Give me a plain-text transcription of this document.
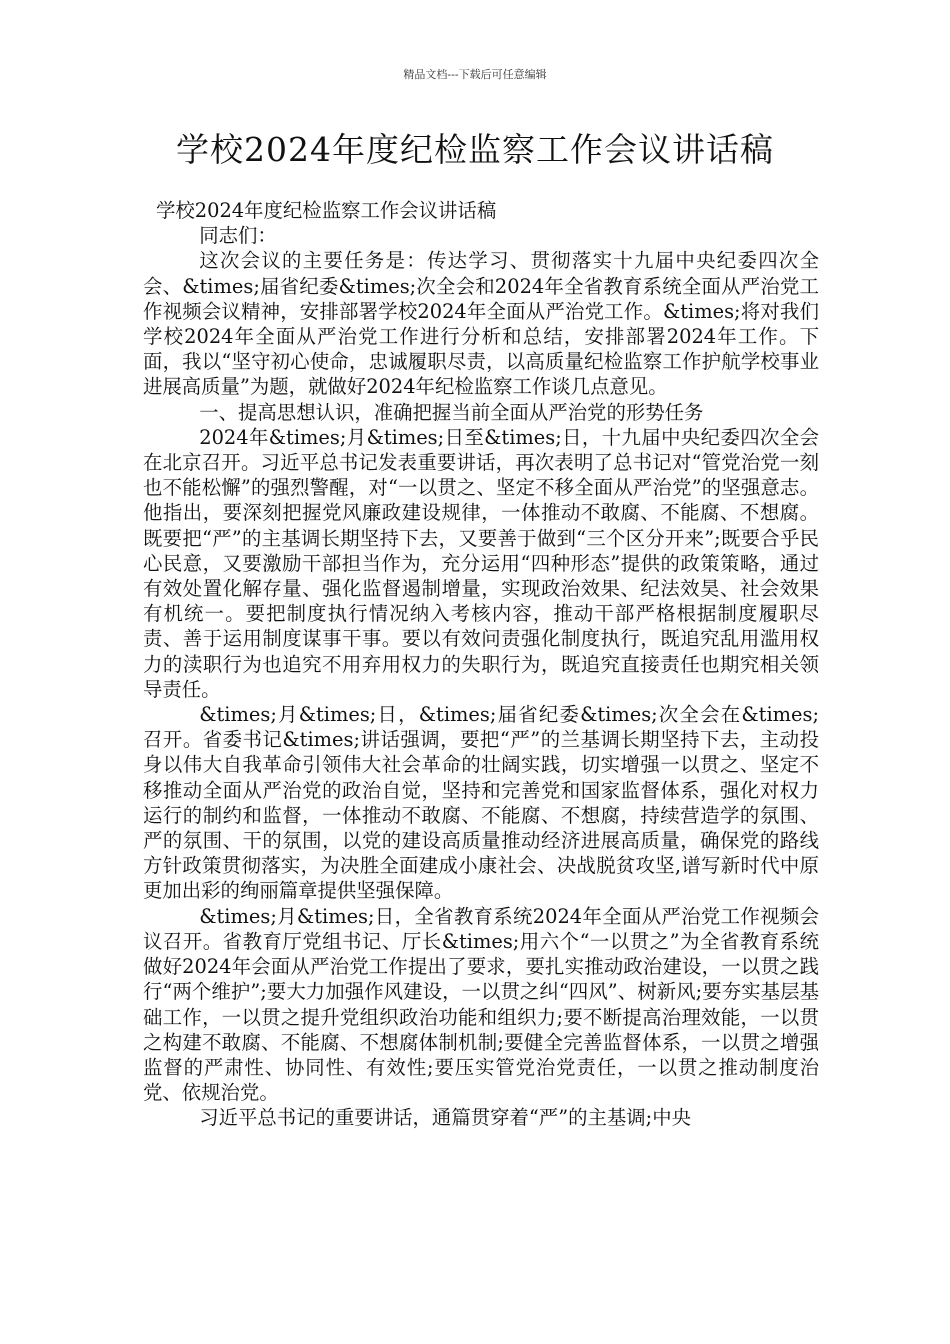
精品文档---下载后可任意编辑
学校2024年度纪检监察工作会议讲话稿

学校2024年度纪检监察工作会议讲话稿

同志们：

这次会议的主要任务是：传达学习、贯彻落实十九届中央纪委四次全会、&times;届省纪委&times;次全会和2024年全省教育系统全面从严治党工作视频会议精神，安排部署学校2024年全面从严治党工作。&times;将对我们学校2024年全面从严治党工作进行分析和总结，安排部署2024年工作。下面，我以“坚守初心使命，忠诚履职尽责，以高质量纪检监察工作护航学校事业进展高质量”为题，就做好2024年纪检监察工作谈几点意见。

一、提高思想认识，准确把握当前全面从严治党的形势任务

2024年&times;月&times;日至&times;日，十九届中央纪委四次全会在北京召开。习近平总书记发表重要讲话，再次表明了总书记对“管党治党一刻也不能松懈”的强烈警醒，对“一以贯之、坚定不移全面从严治党”的坚强意志。他指出，要深刻把握党风廉政建设规律，一体推动不敢腐、不能腐、不想腐。既要把“严”的主基调长期坚持下去，又要善于做到“三个区分开来”;既要合乎民心民意，又要激励干部担当作为，充分运用“四种形态”提供的政策策略，通过有效处置化解存量、强化监督遏制增量，实现政治效果、纪法效昊、社会效果有机统一。要把制度执行情况纳入考核内容，推动干部严格根据制度履职尽责、善于运用制度谋事干事。要以有效问责强化制度执行，既追究乱用滥用权力的渎职行为也追究不用弃用权力的失职行为，既追究直接责任也期究相关领导责任。

&times;月&times;日，&times;届省纪委&times;次全会在&times;召开。省委书记&times;讲话强调，要把“严”的兰基调长期坚持下去，主动投身以伟大自我革命引领伟大社会革命的壮阔实践，切实增强一以贯之、坚定不移推动全面从严治党的政治自觉，坚持和完善党和国家监督体系，强化对权力运行的制约和监督，一体推动不敢腐、不能腐、不想腐，持续营造学的氛围、严的氛围、干的氛围，以党的建设高质量推动经济进展高质量，确保党的路线方针政策贯彻落实，为决胜全面建成小康社会、决战脱贫攻坚,谱写新时代中原更加出彩的绚丽篇章提供坚强保障。

&times;月&times;日，全省教育系统2024年全面从严治党工作视频会议召开。省教育厅党组书记、厅长&times;用六个“一以贯之”为全省教育系统做好2024年会面从严治党工作提出了要求，要扎实推动政治建设，一以贯之践行“两个维护”;要大力加强作风建设，一以贯之纠“四风”、树新风;要夯实基层基础工作，一以贯之提升党组织政治功能和组织力;要不断提高治理效能，一以贯之构建不敢腐、不能腐、不想腐体制机制;要健全完善监督体系，一以贯之增强监督的严肃性、协同性、有效性;要压实管党治党责任，一以贯之推动制度治党、依规治党。

习近平总书记的重要讲话，通篇贯穿着“严”的主基调;中央
